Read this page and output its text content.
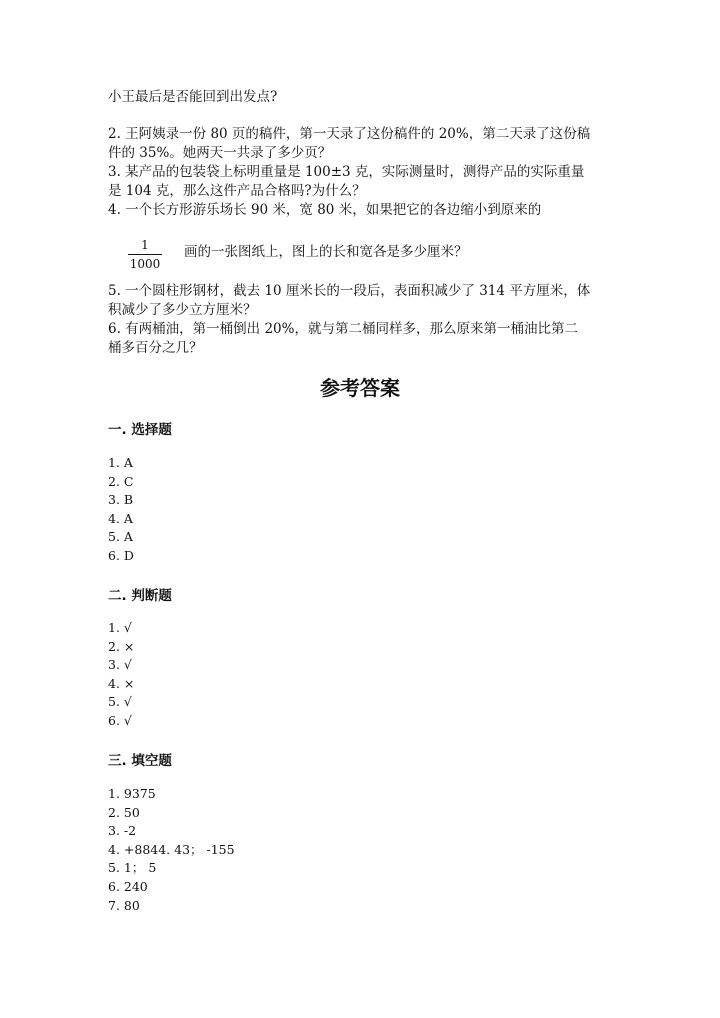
小王最后是否能回到出发点?
2. 王阿姨录一份 80 页的稿件，第一天录了这份稿件的 20%，第二天录了这份稿
件的 35%。她两天一共录了多少页？
3. 某产品的包装袋上标明重量是 100±3 克，实际测量时，测得产品的实际重量
是 104 克，那么这件产品合格吗?为什么？
4. 一个长方形游乐场长 90 米，宽 80 米，如果把它的各边缩小到原来的
1
1000
画的一张图纸上，图上的长和宽各是多少厘米？
5. 一个圆柱形钢材，截去 10 厘米长的一段后，表面积减少了 314 平方厘米，体
积减少了多少立方厘米？
6. 有两桶油，第一桶倒出 20%，就与第二桶同样多，那么原来第一桶油比第二
桶多百分之几？
参考答案
一. 选择题
1. A
2. C
3. B
4. A
5. A
6. D
二. 判断题
1. √
2. ×
3. √
4. ×
5. √
6. √
三. 填空题
1. 9375
2. 50
3. -2
4. +8844. 43； -155
5. 1； 5
6. 240
7. 80
